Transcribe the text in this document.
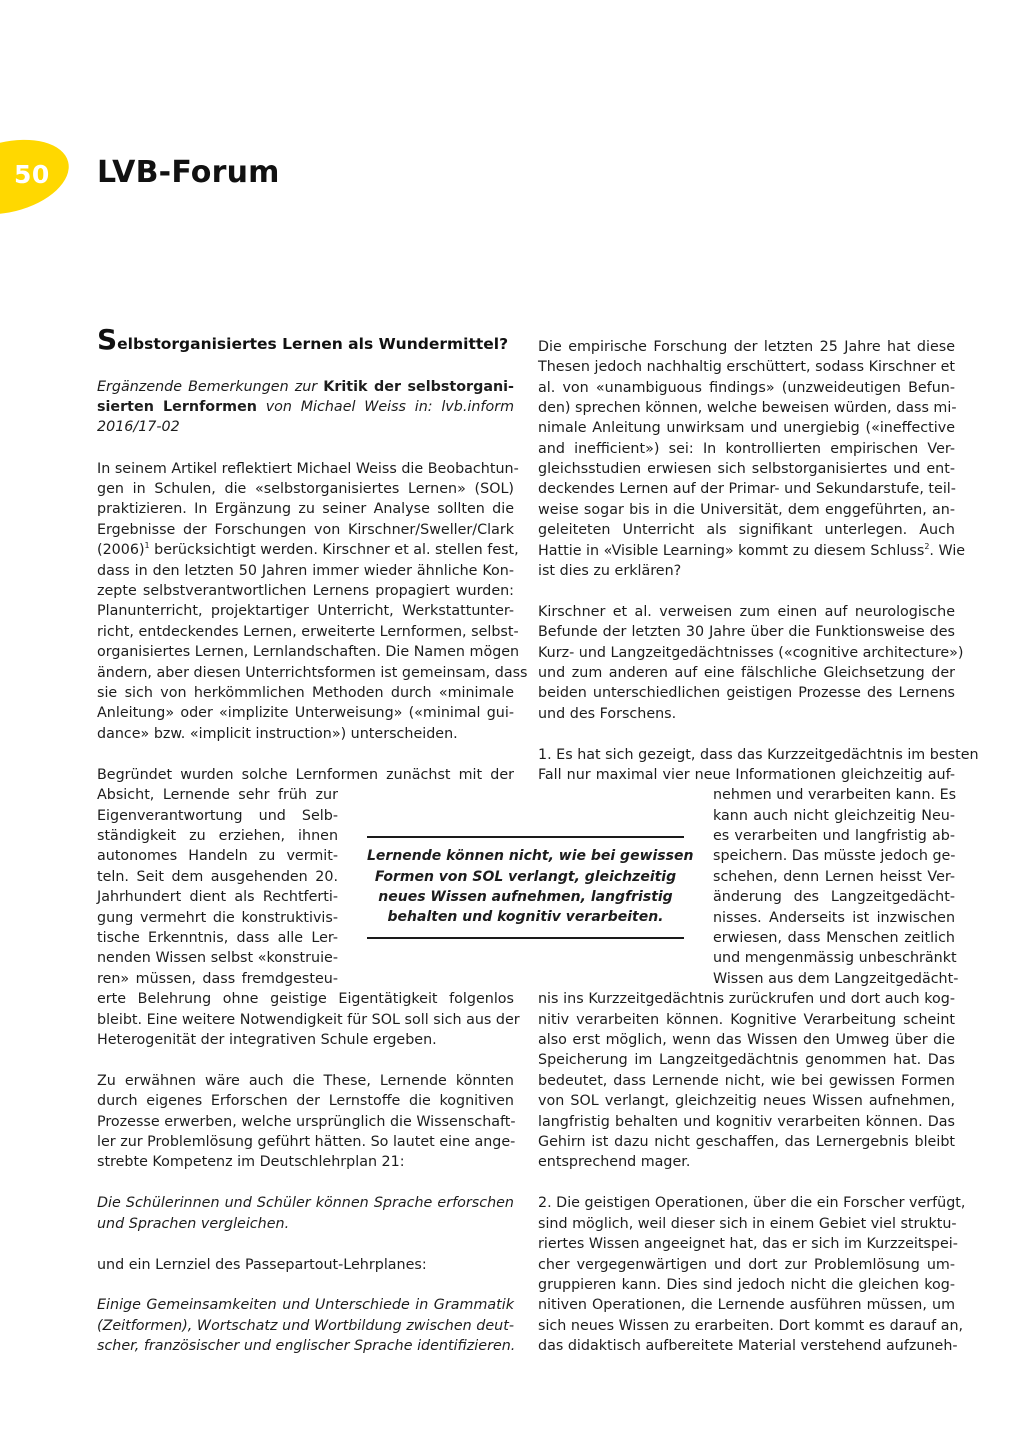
50 LVB-Forum
Selbstorganisiertes Lernen als Wundermittel?
Ergänzende Bemerkungen zur Kritik der selbstorgani-
sierten Lernformen von Michael Weiss in: lvb.inform
2016/17-02
In seinem Artikel reflektiert Michael Weiss die Beobachtun-
gen in Schulen, die «selbstorganisiertes Lernen» (SOL)
praktizieren. In Ergänzung zu seiner Analyse sollten die
Ergebnisse der Forschungen von Kirschner/Sweller/Clark
$(2006)^1$ berücksichtigt werden. Kirschner et al. stellen fest,
dass in den letzten 50 Jahren immer wieder ähnliche Kon-
zepte selbstverantwortlichen Lernens propagiert wurden:
Planunterricht, projektartiger Unterricht, Werkstattunter-
richt, entdeckendes Lernen, erweiterte Lernformen, selbst-
organisiertes Lernen, Lernlandschaften. Die Namen mögen
ändern, aber diesen Unterrichtsformen ist gemeinsam, dass
sie sich von herkömmlichen Methoden durch «minimale
Anleitung» oder «implizite Unterweisung» («minimal gui-
dance» bzw. «implicit instruction») unterscheiden.
Begründet wurden solche Lernformen zunächst mit der
Absicht, Lernende sehr früh zur
Eigenverantwortung und Selb-
ständigkeit zu erziehen, ihnen
autonomes Handeln zu vermit-
teln. Seit dem ausgehenden 20.
Jahrhundert dient als Rechtferti-
gung vermehrt die konstruktivis-
tische Erkenntnis, dass alle Ler-
nenden Wissen selbst «konstruie-
ren» müssen, dass fremdgesteu-
erte Belehrung ohne geistige Eigentätigkeit folgenlos
bleibt. Eine weitere Notwendigkeit für SOL soll sich aus der
Heterogenität der integrativen Schule ergeben.
Zu erwähnen wäre auch die These, Lernende könnten
durch eigenes Erforschen der Lernstoffe die kognitiven
Prozesse erwerben, welche ursprünglich die Wissenschaft-
ler zur Problemlösung geführt hätten. So lautet eine ange-
strebte Kompetenz im Deutschlehrplan 21:
Die Schülerinnen und Schüler können Sprache erforschen
und Sprachen vergleichen.
und ein Lernziel des Passepartout-Lehrplanes:
Einige Gemeinsamkeiten und Unterschiede in Grammatik
(Zeitformen), Wortschatz und Wortbildung zwischen deut-
scher, französischer und englischer Sprache identifizieren.
Lernende können nicht, wie bei gewissen
Formen von SOL verlangt, gleichzeitig
neues Wissen aufnehmen, langfristig
behalten und kognitiv verarbeiten.
Die empirische Forschung der letzten 25 Jahre hat diese
Thesen jedoch nachhaltig erschüttert, sodass Kirschner et
al. von «unambiguous findings» (unzweideutigen Befun-
den) sprechen können, welche beweisen würden, dass mi-
nimale Anleitung unwirksam und unergiebig («ineffective
and inefficient») sei: In kontrollierten empirischen Ver-
gleichsstudien erwiesen sich selbstorganisiertes und ent-
deckendes Lernen auf der Primar- und Sekundarstufe, teil-
weise sogar bis in die Universität, dem enggeführten, an-
geleiteten Unterricht als signifikant unterlegen. Auch
Hattie in «Visible Learning» kommt zu diesem Schluss$^2$. Wie
ist dies zu erklären?
Kirschner et al. verweisen zum einen auf neurologische
Befunde der letzten 30 Jahre über die Funktionsweise des
Kurz- und Langzeitgedächtnisses («cognitive architecture»)
und zum anderen auf eine fälschliche Gleichsetzung der
beiden unterschiedlichen geistigen Prozesse des Lernens
und des Forschens.
1. Es hat sich gezeigt, dass das Kurzzeitgedächtnis im besten
Fall nur maximal vier neue Informationen gleichzeitig auf-
nehmen und verarbeiten kann. Es
kann auch nicht gleichzeitig Neu-
es verarbeiten und langfristig ab-
speichern. Das müsste jedoch ge-
schehen, denn Lernen heisst Ver-
änderung des Langzeitgedächt-
nisses. Anderseits ist inzwischen
erwiesen, dass Menschen zeitlich
und mengenmässig unbeschränkt
Wissen aus dem Langzeitgedächt-
nis ins Kurzzeitgedächtnis zurückrufen und dort auch kog-
nitiv verarbeiten können. Kognitive Verarbeitung scheint
also erst möglich, wenn das Wissen den Umweg über die
Speicherung im Langzeitgedächtnis genommen hat. Das
bedeutet, dass Lernende nicht, wie bei gewissen Formen
von SOL verlangt, gleichzeitig neues Wissen aufnehmen,
langfristig behalten und kognitiv verarbeiten können. Das
Gehirn ist dazu nicht geschaffen, das Lernergebnis bleibt
entsprechend mager.
2. Die geistigen Operationen, über die ein Forscher verfügt,
sind möglich, weil dieser sich in einem Gebiet viel struktu-
riertes Wissen angeeignet hat, das er sich im Kurzzeitspei-
cher vergegenwärtigen und dort zur Problemlösung um-
gruppieren kann. Dies sind jedoch nicht die gleichen kog-
nitiven Operationen, die Lernende ausführen müssen, um
sich neues Wissen zu erarbeiten. Dort kommt es darauf an,
das didaktisch aufbereitete Material verstehend aufzuneh-
